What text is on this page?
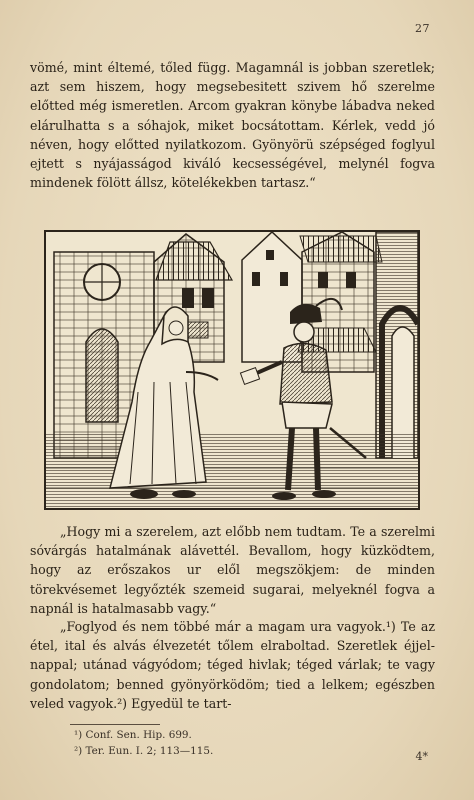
27

vömé, mint éltemé, tőled függ. Magamnál is jobban szeretlek; azt sem hiszem, hogy megsebesitett szivem hő szerelme előtted még ismeretlen. Arcom gyakran könybe lábadva neked elárulhatta s a sóhajok, miket bocsátottam. Kérlek, vedd jó néven, hogy előtted nyilatkozom. Gyönyörü szépséged foglyul ejtett s nyájasságod kiváló kecsességével, melynél fogva mindenek fölött állsz, kötelékekben tartasz.“

„Hogy mi a szerelem, azt előbb nem tudtam. Te a szerelmi sóvárgás hatalmának alávettél. Bevallom, hogy küzködtem, hogy az erőszakos ur elől megszökjem: de minden törekvésemet legyőzték szemeid sugarai, melyeknél fogva a napnál is hatalmasabb vagy.“

„Foglyod és nem többé már a magam ura vagyok.¹) Te az étel, ital és alvás élvezetét tőlem elraboltad. Szeretlek éjjel-nappal; utánad vágyódom; téged hivlak; téged várlak; te vagy gondolatom; benned gyönyörködöm; tied a lelkem; egészben veled vagyok.²) Egyedül te tart-

¹) Conf. Sen. Hip. 699.
²) Ter. Eun. I. 2; 113—115.	4*
